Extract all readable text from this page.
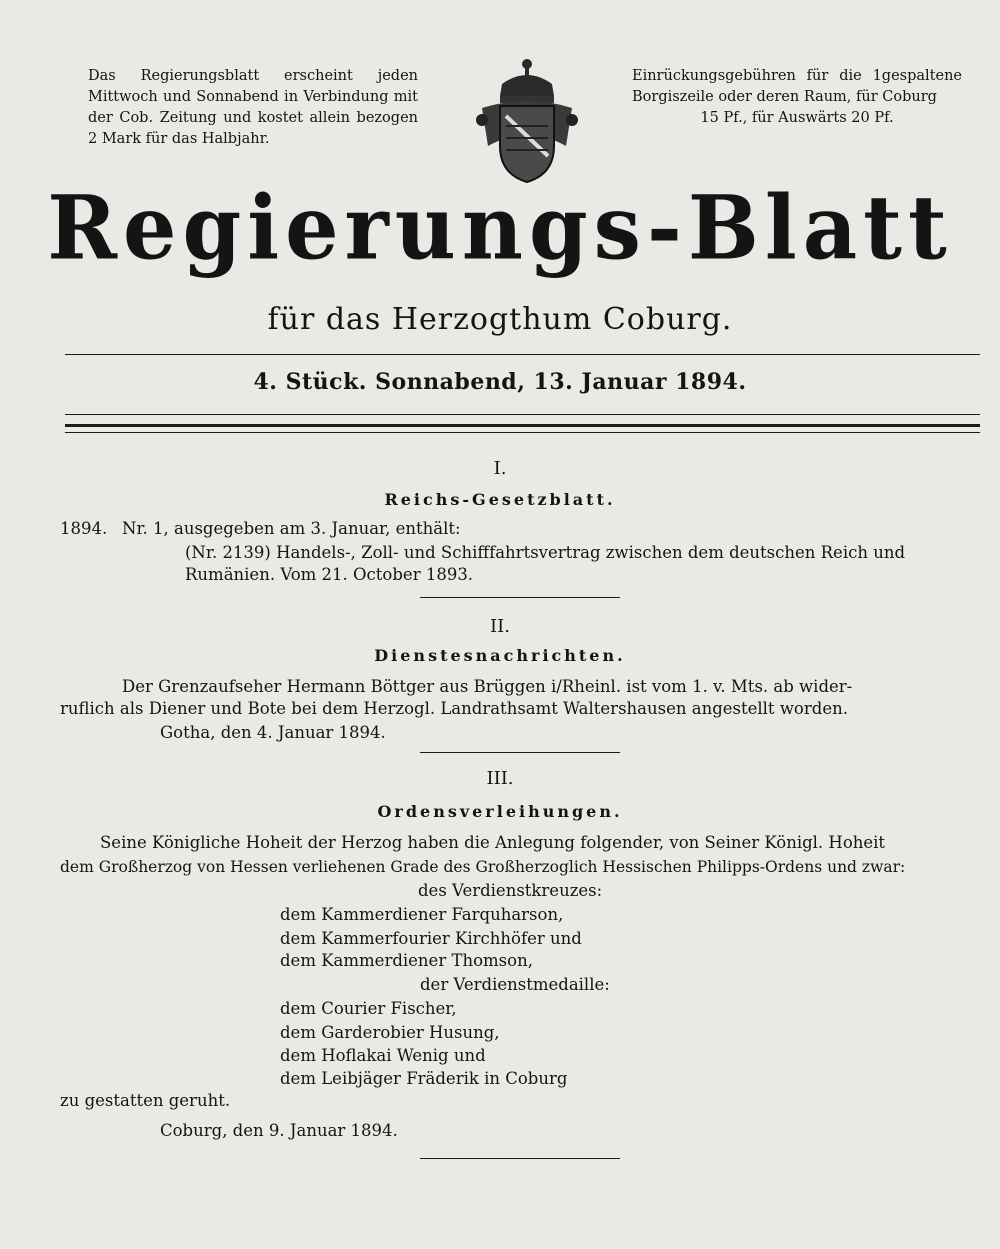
Das Regierungsblatt erscheint jeden Mittwoch und Sonnabend in Verbindung mit der Cob. Zeitung und kostet allein bezogen 2 Mark für das Halbjahr.
Einrückungsgebühren für die 1gespaltene Borgiszeile oder deren Raum, für Coburg
15 Pf., für Auswärts 20 Pf.
Regierungs-Blatt
für das Herzogthum Coburg.
4. Stück. Sonnabend, 13. Januar 1894.
I.
Reichs-Gesetzblatt.
1894. Nr. 1, ausgegeben am 3. Januar, enthält:
(Nr. 2139) Handels-, Zoll- und Schifffahrtsvertrag zwischen dem deutschen Reich und
Rumänien. Vom 21. October 1893.
II.
Dienstesnachrichten.
Der Grenzaufseher Hermann Böttger aus Brüggen i/Rheinl. ist vom 1. v. Mts. ab wider-
ruflich als Diener und Bote bei dem Herzogl. Landrathsamt Waltershausen angestellt worden.
Gotha, den 4. Januar 1894.
III.
Ordensverleihungen.
Seine Königliche Hoheit der Herzog haben die Anlegung folgender, von Seiner Königl. Hoheit
dem Großherzog von Hessen verliehenen Grade des Großherzoglich Hessischen Philipps-Ordens und zwar:
des Verdienstkreuzes:
dem Kammerdiener Farquharson,
dem Kammerfourier Kirchhöfer und
dem Kammerdiener Thomson,
der Verdienstmedaille:
dem Courier Fischer,
dem Garderobier Husung,
dem Hoflakai Wenig und
dem Leibjäger Fräderik in Coburg
zu gestatten geruht.
Coburg, den 9. Januar 1894.
